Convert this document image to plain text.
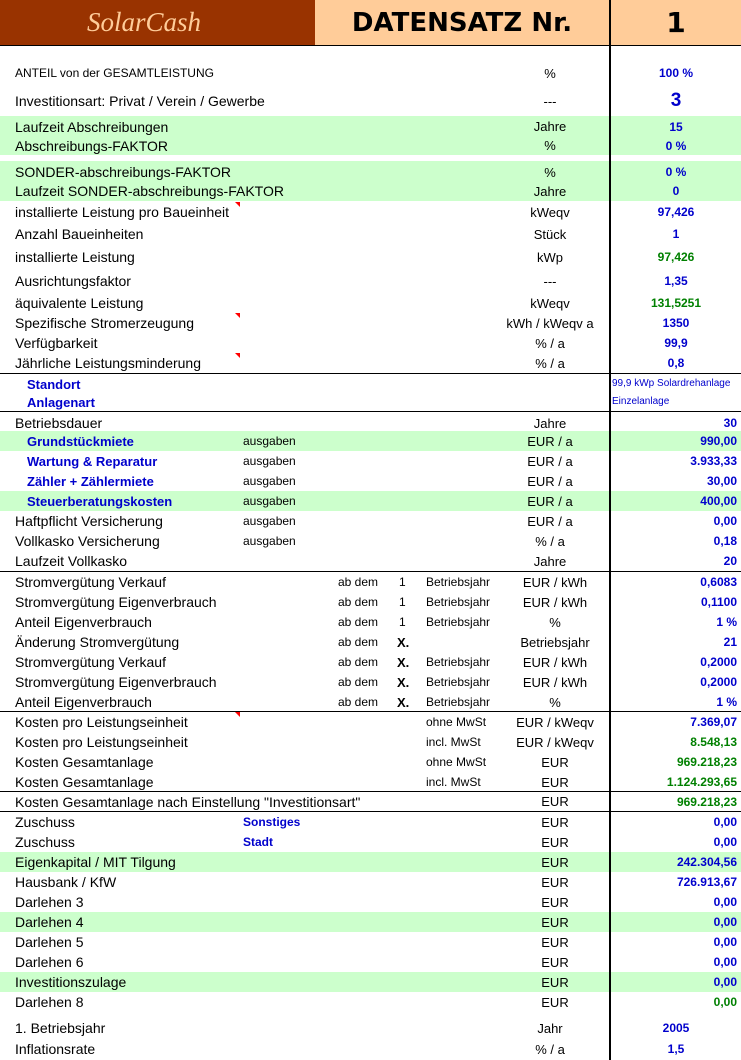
SolarCash	DATENSATZ Nr.	1
ANTEIL von der GESAMTLEISTUNG	%	100 %
Investitionsart: Privat / Verein / Gewerbe	---	3
Laufzeit Abschreibungen	Jahre	15
Abschreibungs-FAKTOR	%	0 %
SONDER-abschreibungs-FAKTOR	%	0 %
Laufzeit SONDER-abschreibungs-FAKTOR	Jahre	0
installierte Leistung pro Baueinheit	kWeqv	97,426
Anzahl Baueinheiten	Stück	1
installierte Leistung	kWp	97,426
Ausrichtungsfaktor	---	1,35
äquivalente Leistung	kWeqv	131,5251
Spezifische Stromerzeugung	kWh / kWeqv a	1350
Verfügbarkeit	% / a	99,9
Jährliche Leistungsminderung	% / a	0,8
Standort	99,9 kWp Solardrehanlage
Anlagenart	Einzelanlage
Betriebsdauer	Jahre	30
Grundstückmiete	ausgaben	EUR / a	990,00
Wartung & Reparatur	ausgaben	EUR / a	3.933,33
Zähler + Zählermiete	ausgaben	EUR / a	30,00
Steuerberatungskosten	ausgaben	EUR / a	400,00
Haftpflicht Versicherung	ausgaben	EUR / a	0,00
Vollkasko Versicherung	ausgaben	% / a	0,18
Laufzeit Vollkasko	Jahre	20
Stromvergütung Verkauf	ab dem 1 Betriebsjahr	EUR / kWh	0,6083
Stromvergütung Eigenverbrauch	ab dem 1 Betriebsjahr	EUR / kWh	0,1100
Anteil Eigenverbrauch	ab dem 1 Betriebsjahr	%	1 %
Änderung Stromvergütung	ab dem X.	Betriebsjahr	21
Stromvergütung Verkauf	ab dem X. Betriebsjahr	EUR / kWh	0,2000
Stromvergütung Eigenverbrauch	ab dem X. Betriebsjahr	EUR / kWh	0,2000
Anteil Eigenverbrauch	ab dem X. Betriebsjahr	%	1 %
Kosten pro Leistungseinheit	ohne MwSt	EUR / kWeqv	7.369,07
Kosten pro Leistungseinheit	incl. MwSt	EUR / kWeqv	8.548,13
Kosten Gesamtanlage	ohne MwSt	EUR	969.218,23
Kosten Gesamtanlage	incl. MwSt	EUR	1.124.293,65
Kosten Gesamtanlage nach Einstellung "Investitionsart"	EUR	969.218,23
Zuschuss	Sonstiges	EUR	0,00
Zuschuss	Stadt	EUR	0,00
Eigenkapital / MIT Tilgung	EUR	242.304,56
Hausbank / KfW	EUR	726.913,67
Darlehen 3	EUR	0,00
Darlehen 4	EUR	0,00
Darlehen 5	EUR	0,00
Darlehen 6	EUR	0,00
Investitionszulage	EUR	0,00
Darlehen 8	EUR	0,00
1. Betriebsjahr	Jahr	2005
Inflationsrate	% / a	1,5
